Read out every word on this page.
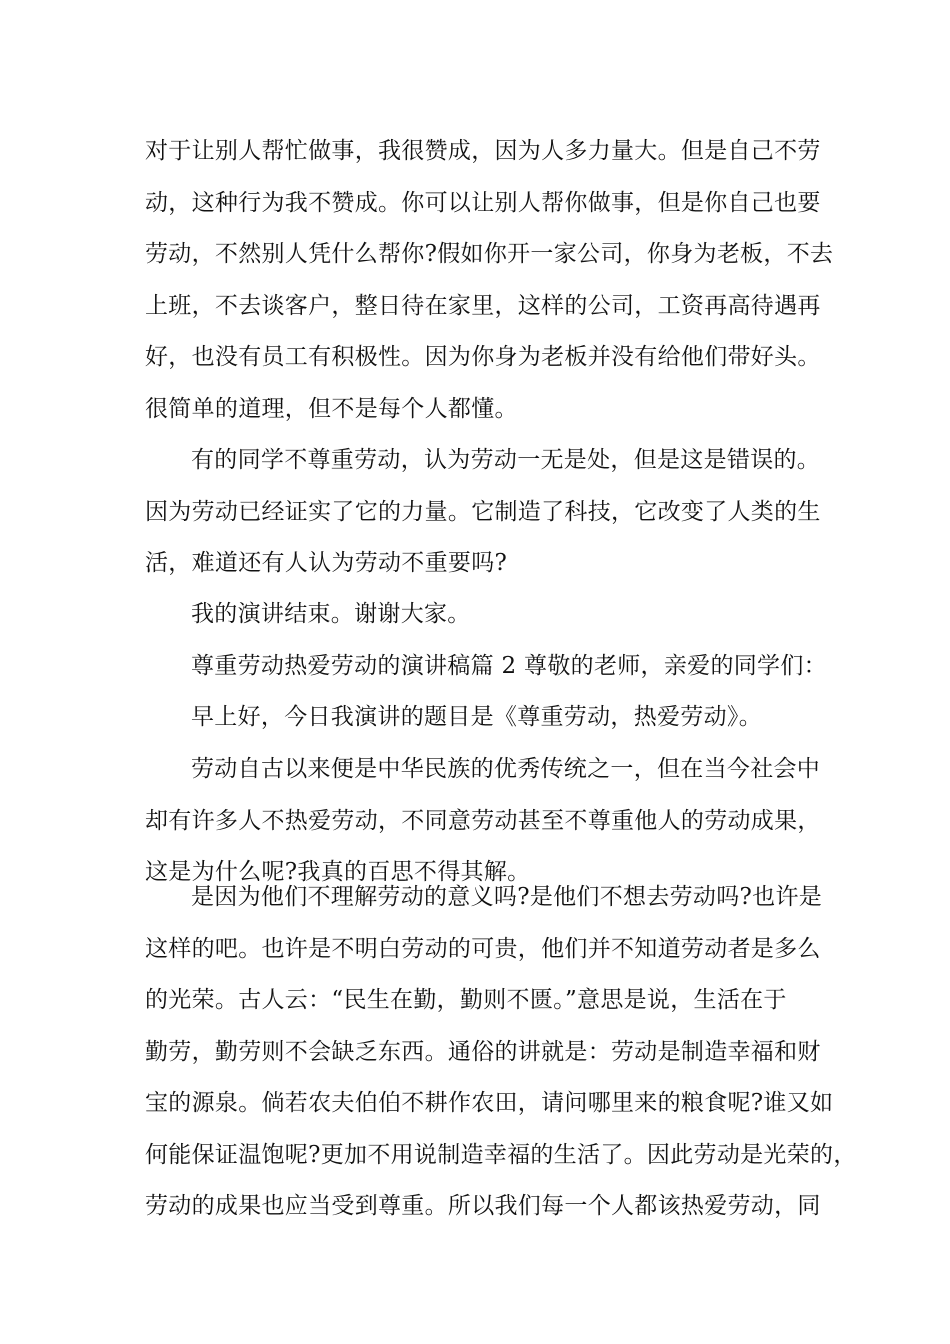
对于让别人帮忙做事，我很赞成，因为人多力量大。但是自己不劳
动，这种行为我不赞成。你可以让别人帮你做事，但是你自己也要
劳动，不然别人凭什么帮你?假如你开一家公司，你身为老板，不去
上班，不去谈客户，整日待在家里，这样的公司，工资再高待遇再
好，也没有员工有积极性。因为你身为老板并没有给他们带好头。
很简单的道理，但不是每个人都懂。
有的同学不尊重劳动，认为劳动一无是处，但是这是错误的。
因为劳动已经证实了它的力量。它制造了科技，它改变了人类的生
活，难道还有人认为劳动不重要吗?
我的演讲结束。谢谢大家。
尊重劳动热爱劳动的演讲稿篇 2 尊敬的老师，亲爱的同学们：
早上好，今日我演讲的题目是《尊重劳动，热爱劳动》。
劳动自古以来便是中华民族的优秀传统之一，但在当今社会中
却有许多人不热爱劳动，不同意劳动甚至不尊重他人的劳动成果，
这是为什么呢?我真的百思不得其解。
是因为他们不理解劳动的意义吗?是他们不想去劳动吗?也许是
这样的吧。也许是不明白劳动的可贵，他们并不知道劳动者是多么
的光荣。古人云：“民生在勤，勤则不匮。”意思是说，生活在于
勤劳，勤劳则不会缺乏东西。通俗的讲就是：劳动是制造幸福和财
宝的源泉。倘若农夫伯伯不耕作农田，请问哪里来的粮食呢?谁又如
何能保证温饱呢?更加不用说制造幸福的生活了。因此劳动是光荣的，
劳动的成果也应当受到尊重。所以我们每一个人都该热爱劳动，同
